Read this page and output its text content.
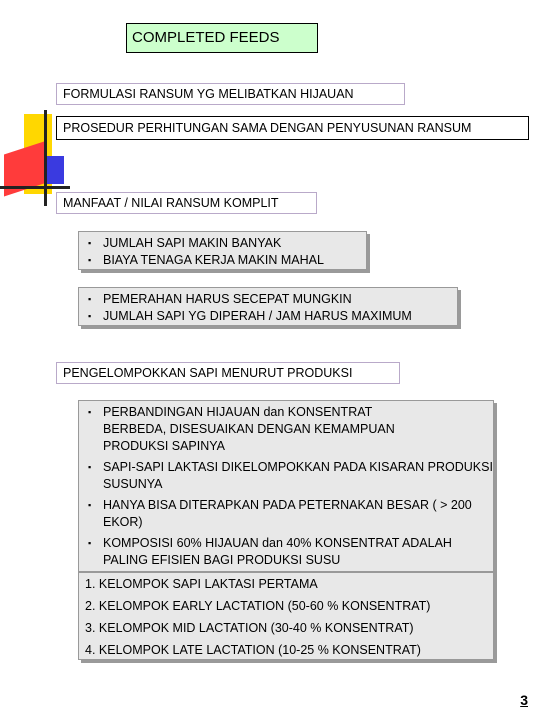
COMPLETED FEEDS
FORMULASI RANSUM YG MELIBATKAN HIJAUAN
PROSEDUR PERHITUNGAN SAMA DENGAN PENYUSUNAN RANSUM
MANFAAT / NILAI RANSUM KOMPLIT
▪ JUMLAH SAPI MAKIN BANYAK
▪ BIAYA TENAGA KERJA MAKIN MAHAL
▪ PEMERAHAN HARUS SECEPAT MUNGKIN
▪ JUMLAH SAPI YG DIPERAH / JAM HARUS MAXIMUM
PENGELOMPOKKAN SAPI MENURUT PRODUKSI
▪ PERBANDINGAN HIJAUAN dan KONSENTRAT BERBEDA, DISESUAIKAN DENGAN KEMAMPUAN PRODUKSI SAPINYA
▪ SAPI-SAPI LAKTASI DIKELOMPOKKAN PADA KISARAN PRODUKSI SUSUNYA
▪ HANYA BISA DITERAPKAN PADA PETERNAKAN BESAR ( > 200 EKOR)
▪ KOMPOSISI 60% HIJAUAN dan 40% KONSENTRAT ADALAH PALING EFISIEN BAGI PRODUKSI SUSU
1. KELOMPOK SAPI LAKTASI PERTAMA
2. KELOMPOK EARLY LACTATION (50-60 % KONSENTRAT)
3. KELOMPOK MID LACTATION (30-40 % KONSENTRAT)
4. KELOMPOK LATE LACTATION (10-25 % KONSENTRAT)
3
